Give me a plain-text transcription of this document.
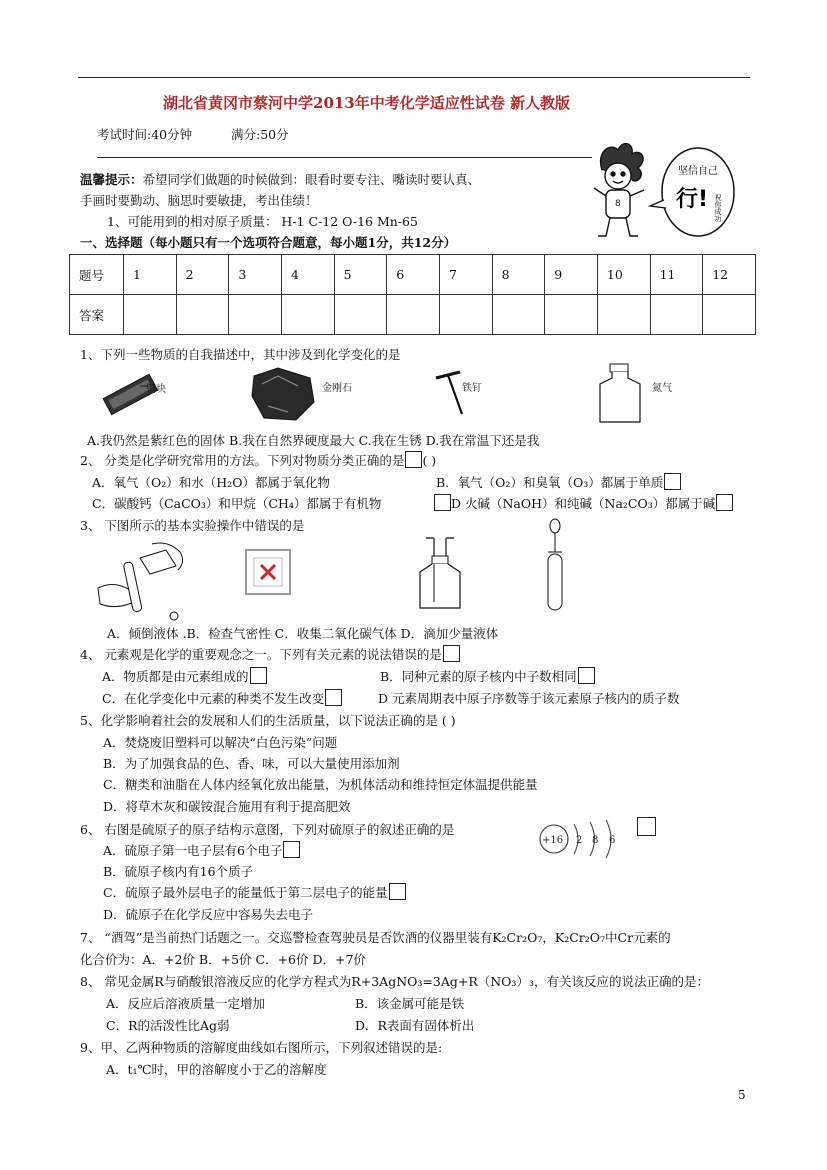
湖北省黄冈市蔡河中学2013年中考化学适应性试卷 新人教版
考试时间:40分钟	满分:50分
温馨提示：希望同学们做题的时候做到：眼看时要专注、嘴读时要认真、
手画时要勤动、脑思时要敏捷，考出佳绩！
1、可能用到的相对原子质量： H-1 C-12 O-16 Mn-65
8
坚信自己
行! 祝你成功
一、选择题（每小题只有一个选项符合题意，每小题1分，共12分）
题号	1	2	3	4	5	6	7	8	9	10	11	12
答案												
1、下列一些物质的自我描述中，其中涉及到化学变化的是
铜块	金刚石	铁钉	氮气
A.我仍然是紫红色的固体 B.我在自然界硬度最大 C.我在生锈 D.我在常温下还是我
2、 分类是化学研究常用的方法。下列对物质分类正确的是 ( )
A．氧气（O₂）和水（H₂O）都属于氧化物	B．氧气（O₂）和臭氧（O₃）都属于单质
C．碳酸钙（CaCO₃）和甲烷（CH₄）都属于有机物	D 火碱（NaOH）和纯碱（Na₂CO₃）都属于碱
3、 下图所示的基本实验操作中错误的是
A．倾倒液体 .B．检查气密性 C．收集二氧化碳气体 D．滴加少量液体
4、 元素观是化学的重要观念之一。下列有关元素的说法错误的是
A．物质都是由元素组成的	B．同种元素的原子核内中子数相同
C．在化学变化中元素的种类不发生改变	D 元素周期表中原子序数等于该元素原子核内的质子数
5、化学影响着社会的发展和人们的生活质量，以下说法正确的是 ( )
A．焚烧废旧塑料可以解决“白色污染”问题
B．为了加强食品的色、香、味，可以大量使用添加剂
C．糖类和油脂在人体内经氧化放出能量，为机体活动和维持恒定体温提供能量
D．将草木灰和碳铵混合施用有利于提高肥效
6、 右图是硫原子的原子结构示意图，下列对硫原子的叙述正确的是
+16 2 8 6
A．硫原子第一电子层有6个电子
B．硫原子核内有16个质子
C．硫原子最外层电子的能量低于第二层电子的能量
D．硫原子在化学反应中容易失去电子
7、 “酒驾”是当前热门话题之一。交巡警检查驾驶员是否饮酒的仪器里装有K₂Cr₂O₇，K₂Cr₂O₇中Cr元素的
化合价为：A．+2价 B．+5价 C．+6价 D．+7价
8、 常见金属R与硝酸银溶液反应的化学方程式为R+3AgNO₃=3Ag+R（NO₃）₃，有关该反应的说法正确的是：
A．反应后溶液质量一定增加	B．该金属可能是铁
C．R的活泼性比Ag弱	D．R表面有固体析出
9、甲、乙两种物质的溶解度曲线如右图所示，下列叙述错误的是:
A．t₁℃时，甲的溶解度小于乙的溶解度
5
